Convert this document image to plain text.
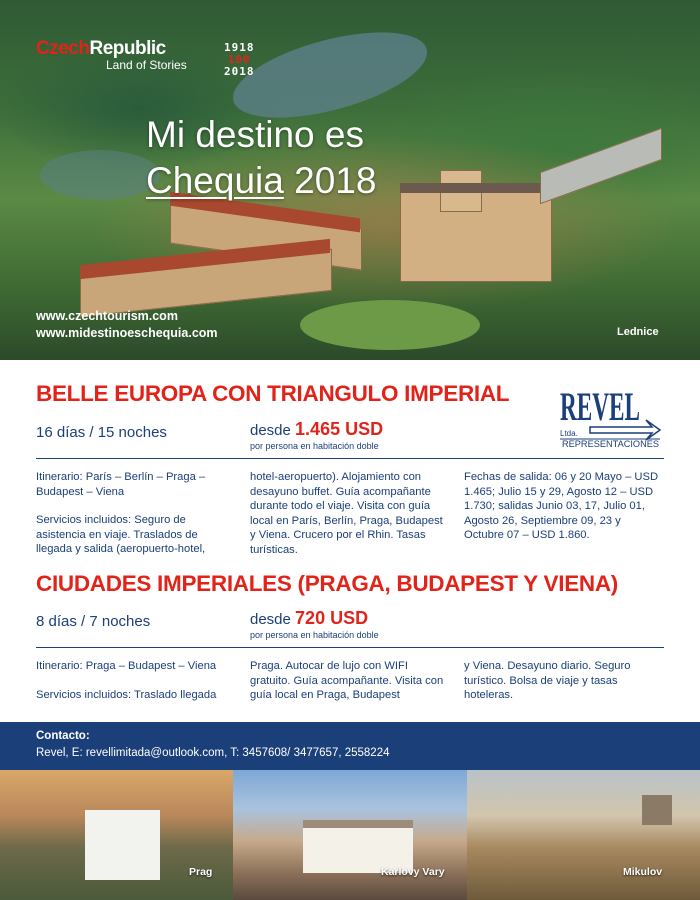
CzechRepublic
Land of Stories
1918
100
2018
Mi destino es
Chequia 2018
www.czechtourism.com
www.midestinoeschequia.com	Lednice
BELLE EUROPA CON TRIANGULO IMPERIAL REVEL
Ltda.
REPRESENTACIONES
16 días / 15 noches	desde 1.465 USD
por persona en habitación doble

Itinerario: París – Berlín – Praga – Budapest – Viena

Servicios incluidos: Seguro de asistencia en viaje. Traslados de llegada y salida (aeropuerto-hotel,

hotel-aeropuerto). Alojamiento con desayuno buffet. Guía acompañante durante todo el viaje. Visita con guía local en París, Berlín, Praga, Budapest y Viena. Crucero por el Rhin. Tasas turísticas.

Fechas de salida: 06 y 20 Mayo – USD 1.465; Julio 15 y 29, Agosto 12 – USD 1.730; salidas Junio 03, 17, Julio 01, Agosto 26, Septiembre 09, 23 y Octubre 07 – USD 1.860.

CIUDADES IMPERIALES (PRAGA, BUDAPEST Y VIENA)
8 días / 7 noches	desde 720 USD
por persona en habitación doble

Itinerario: Praga – Budapest – Viena

Servicios incluidos: Traslado llegada

Praga. Autocar de lujo con WIFI gratuito. Guía acompañante. Visita con guía local en Praga, Budapest

y Viena. Desayuno diario. Seguro turístico. Bolsa de viaje y tasas hoteleras.

Contacto:
Revel, E: revellimitada@outlook.com, T: 3457608/ 3477657, 2558224
Prag	Karlovy Vary	Mikulov
